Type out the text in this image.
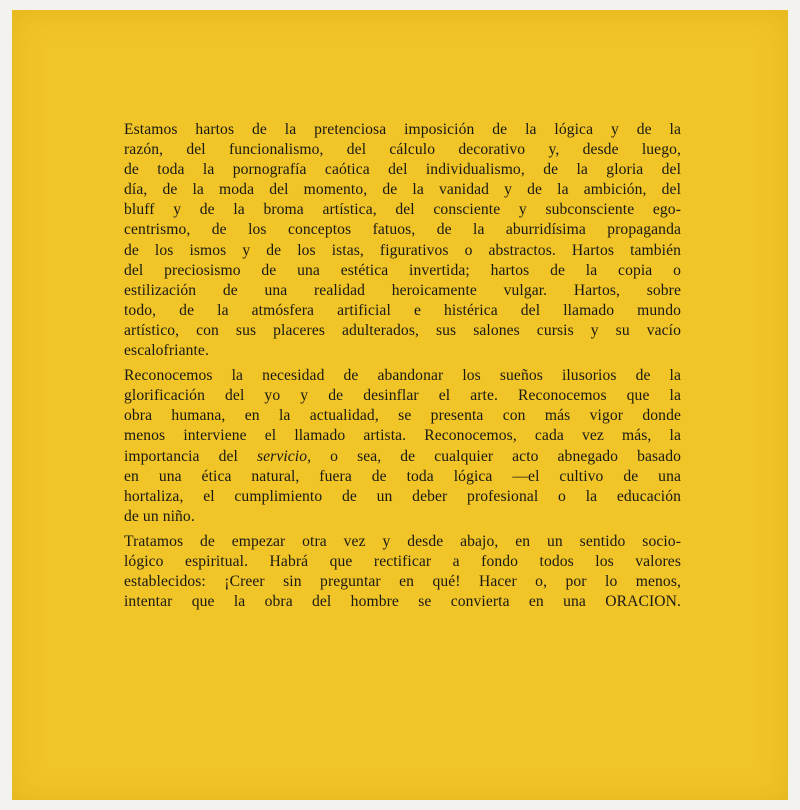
Estamos hartos de la pretenciosa imposición de la lógica y de la
razón, del funcionalismo, del cálculo decorativo y, desde luego,
de toda la pornografía caótica del individualismo, de la gloria del
día, de la moda del momento, de la vanidad y de la ambición, del
bluff y de la broma artística, del consciente y subconsciente ego-
centrismo, de los conceptos fatuos, de la aburridísima propaganda
de los ismos y de los istas, figurativos o abstractos. Hartos también
del preciosismo de una estética invertida; hartos de la copia o
estilización de una realidad heroicamente vulgar. Hartos, sobre
todo, de la atmósfera artificial e histérica del llamado mundo
artístico, con sus placeres adulterados, sus salones cursis y su vacío
escalofriante.

Reconocemos la necesidad de abandonar los sueños ilusorios de la
glorificación del yo y de desinflar el arte. Reconocemos que la
obra humana, en la actualidad, se presenta con más vigor donde
menos interviene el llamado artista. Reconocemos, cada vez más, la
importancia del servicio, o sea, de cualquier acto abnegado basado
en una ética natural, fuera de toda lógica —el cultivo de una
hortaliza, el cumplimiento de un deber profesional o la educación
de un niño.

Tratamos de empezar otra vez y desde abajo, en un sentido socio-
lógico espiritual. Habrá que rectificar a fondo todos los valores
establecidos: ¡Creer sin preguntar en qué! Hacer o, por lo menos,
intentar que la obra del hombre se convierta en una ORACION.
